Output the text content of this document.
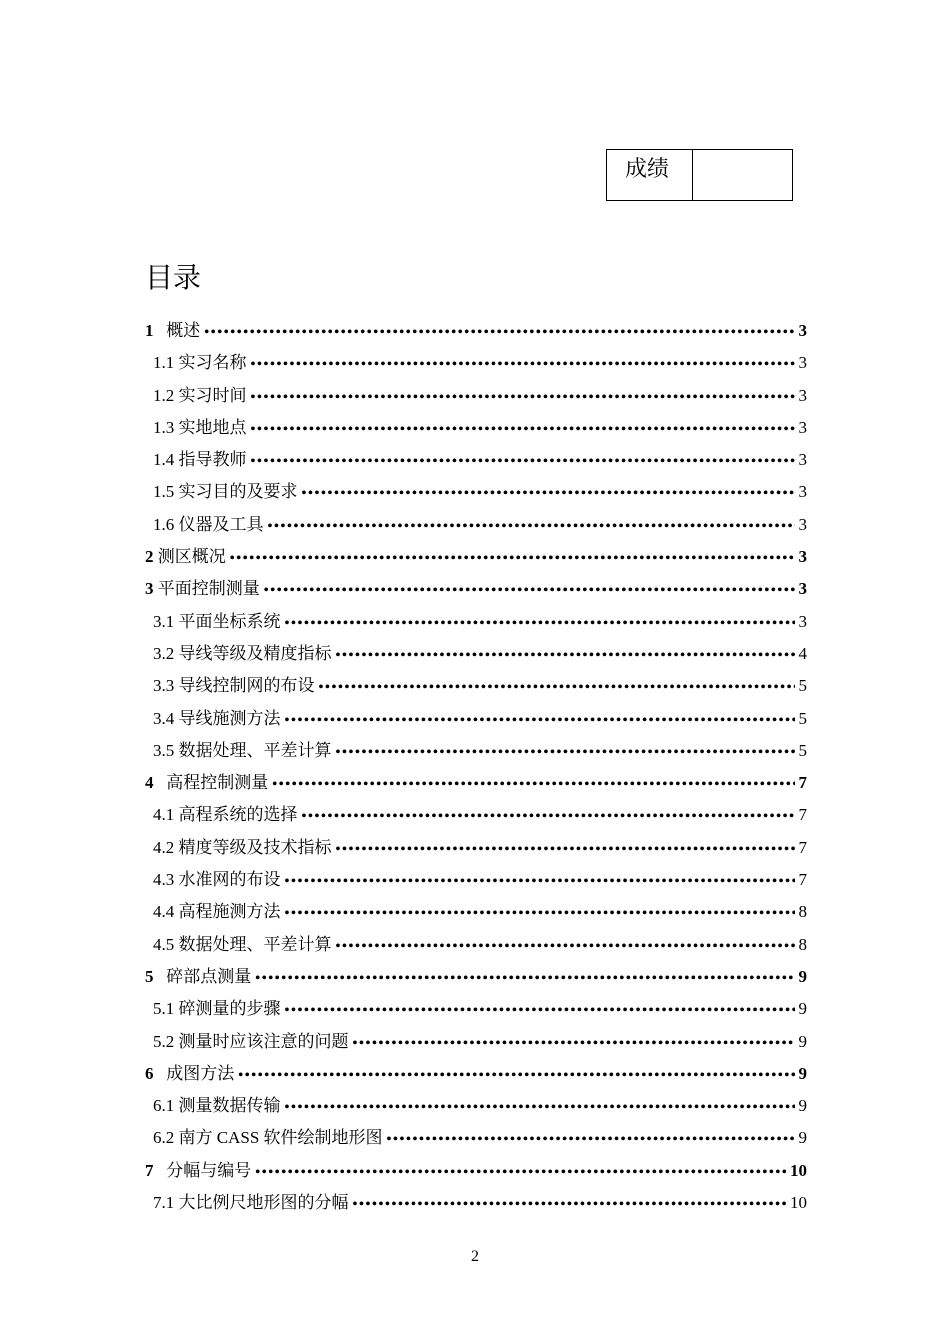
成绩
目录
1 概述 •••••	3
1.1 实习名称 •••••	3
1.2 实习时间 •••••	3
1.3 实地地点 •••••	3
1.4 指导教师 •••••	3
1.5 实习目的及要求 •••••	3
1.6 仪器及工具 •••••	3
2 测区概况 •••••	3
3 平面控制测量 •••••	3
3.1 平面坐标系统 •••••	3
3.2 导线等级及精度指标 •••••	4
3.3 导线控制网的布设 •••••	5
3.4 导线施测方法 •••••	5
3.5 数据处理、平差计算 •••••	5
4 高程控制测量 •••••	7
4.1 高程系统的选择 •••••	7
4.2 精度等级及技术指标 •••••	7
4.3 水准网的布设 •••••	7
4.4 高程施测方法 •••••	8
4.5 数据处理、平差计算 •••••	8
5 碎部点测量 •••••	9
5.1 碎测量的步骤 •••••	9
5.2 测量时应该注意的问题 •••••	9
6 成图方法 •••••	9
6.1 测量数据传输 •••••	9
6.2 南方 CASS 软件绘制地形图 •••••	9
7 分幅与编号 •••••	10
7.1 大比例尺地形图的分幅 •••••	10
2
